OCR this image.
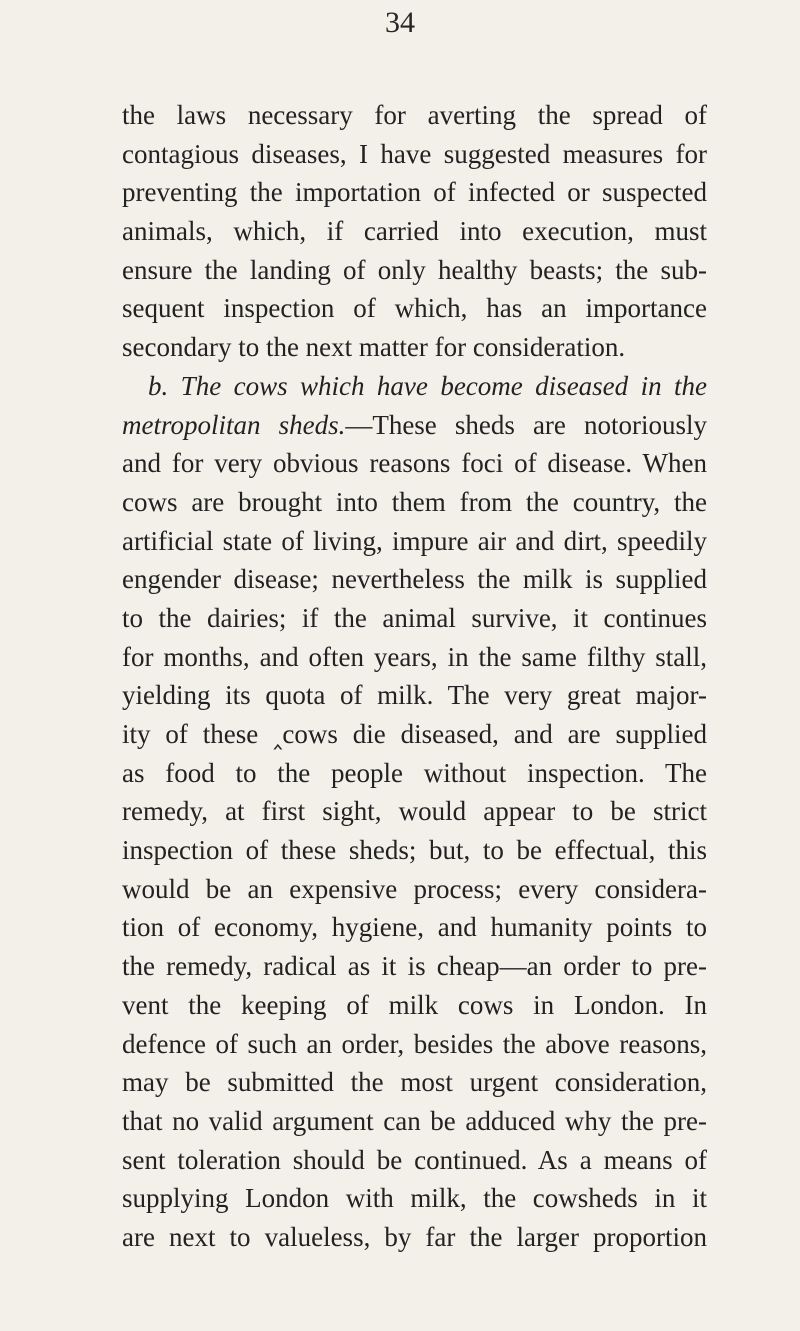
34
the laws necessary for averting the spread of
contagious diseases, I have suggested measures for
preventing the importation of infected or suspected
animals, which, if carried into execution, must
ensure the landing of only healthy beasts; the sub-
sequent inspection of which, has an importance
secondary to the next matter for consideration.
b. The cows which have become diseased in the
metropolitan sheds.—These sheds are notoriously
and for very obvious reasons foci of disease. When
cows are brought into them from the country, the
artificial state of living, impure air and dirt, speedily
engender disease; nevertheless the milk is supplied
to the dairies; if the animal survive, it continues
for months, and often years, in the same filthy stall,
yielding its quota of milk. The very great major-
ity of these ‸cows die diseased, and are supplied
as food to the people without inspection. The
remedy, at first sight, would appear to be strict
inspection of these sheds; but, to be effectual, this
would be an expensive process; every considera-
tion of economy, hygiene, and humanity points to
the remedy, radical as it is cheap—an order to pre-
vent the keeping of milk cows in London. In
defence of such an order, besides the above reasons,
may be submitted the most urgent consideration,
that no valid argument can be adduced why the pre-
sent toleration should be continued. As a means of
supplying London with milk, the cowsheds in it
are next to valueless, by far the larger proportion
